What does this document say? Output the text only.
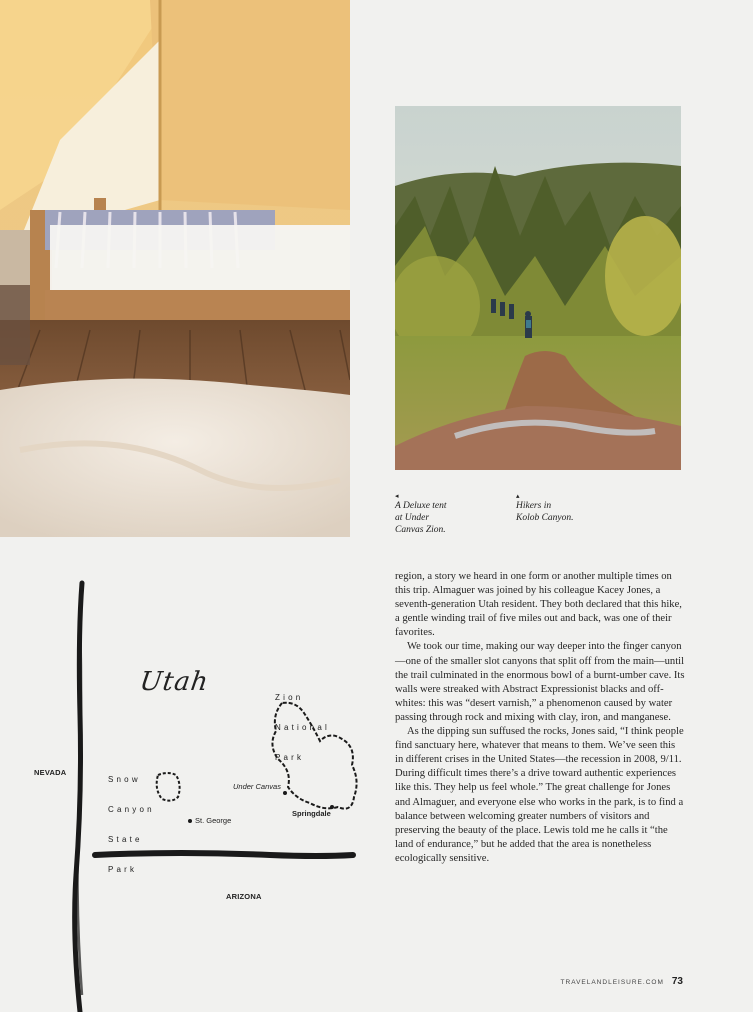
◂
A Deluxe tent
at Under
Canvas Zion.
▴
Hikers in
Kolob Canyon.
Utah
NEVADA
ARIZONA

Zion

National

Park

Snow

Canyon

State

Park

Under Canvas
St. George
Springdale

region, a story we heard in one form or another multiple times on this trip. Almaguer was joined by his colleague Kacey Jones, a seventh-generation Utah resident. They both declared that this hike, a gentle winding trail of five miles out and back, was one of their favorites.

We took our time, making our way deeper into the finger canyon—one of the smaller slot canyons that split off from the main—until the trail culminated in the enormous bowl of a burnt-umber cave. Its walls were streaked with Abstract Expressionist blacks and off-whites: this was “desert varnish,” a phenomenon caused by water passing through rock and mixing with clay, iron, and manganese.

As the dipping sun suffused the rocks, Jones said, “I think people find sanctuary here, whatever that means to them. We’ve seen this in different crises in the United States—the recession in 2008, 9/11. During difficult times there’s a drive toward authentic experiences like this. They help us feel whole.” The great challenge for Jones and Almaguer, and everyone else who works in the park, is to find a balance between welcoming greater numbers of visitors and preserving the beauty of the place. Lewis told me he calls it “the land of endurance,” but he added that the area is nonetheless ecologically sensitive.

TRAVELANDLEISURE.COM 73
